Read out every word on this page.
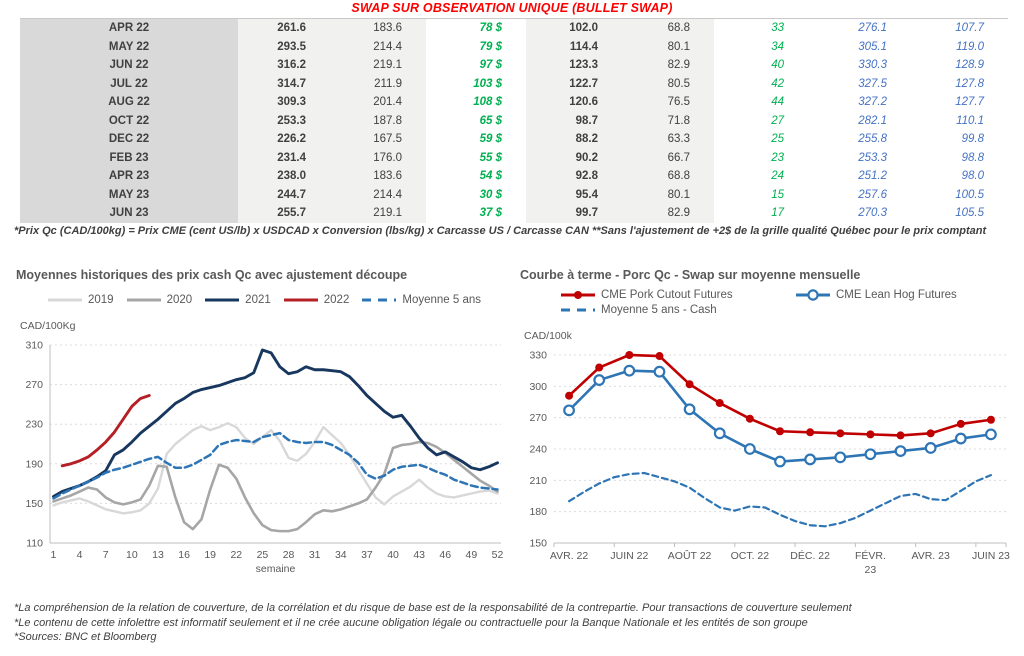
SWAP SUR OBSERVATION UNIQUE (BULLET SWAP)
APR 22	261.6	183.6	78 $	102.0	68.8	33	276.1	107.7
MAY 22	293.5	214.4	79 $	114.4	80.1	34	305.1	119.0
JUN 22	316.2	219.1	97 $	123.3	82.9	40	330.3	128.9
JUL 22	314.7	211.9	103 $	122.7	80.5	42	327.5	127.8
AUG 22	309.3	201.4	108 $	120.6	76.5	44	327.2	127.7
OCT 22	253.3	187.8	65 $	98.7	71.8	27	282.1	110.1
DEC 22	226.2	167.5	59 $	88.2	63.3	25	255.8	99.8
FEB 23	231.4	176.0	55 $	90.2	66.7	23	253.3	98.8
APR 23	238.0	183.6	54 $	92.8	68.8	24	251.2	98.0
MAY 23	244.7	214.4	30 $	95.4	80.1	15	257.6	100.5
JUN 23	255.7	219.1	37 $	99.7	82.9	17	270.3	105.5

*Prix Qc (CAD/100kg) = Prix CME (cent US/lb) x USDCAD x Conversion (lbs/kg) x Carcasse US / Carcasse CAN **Sans l'ajustement de +2$ de la grille qualité Québec pour le prix comptant

Moyennes historiques des prix cash Qc avec ajustement découpe
2019	2020	2021	2022	Moyenne 5 ans
110
150
190
230
270
310
1 4 7 10 13 16 19 22 25 28 31 34 37 40 43 46 49 52
semaine
CAD/100Kg
Courbe à terme - Porc Qc - Swap sur moyenne mensuelle
CME Pork Cutout Futures	CME Lean Hog Futures
Moyenne 5 ans - Cash
150
180
210
240
270
300
330
AVR. 22 JUIN 22 AOÛT 22 OCT. 22 DÉC. 22 FÉVR.
23
AVR. 23 JUIN 23
CAD/100k

*La compréhension de la relation de couverture, de la corrélation et du risque de base est de la responsabilité de la contrepartie. Pour transactions de couverture seulement

*Le contenu de cette infolettre est informatif seulement et il ne crée aucune obligation légale ou contractuelle pour la Banque Nationale et les entités de son groupe

*Sources: BNC et Bloomberg
